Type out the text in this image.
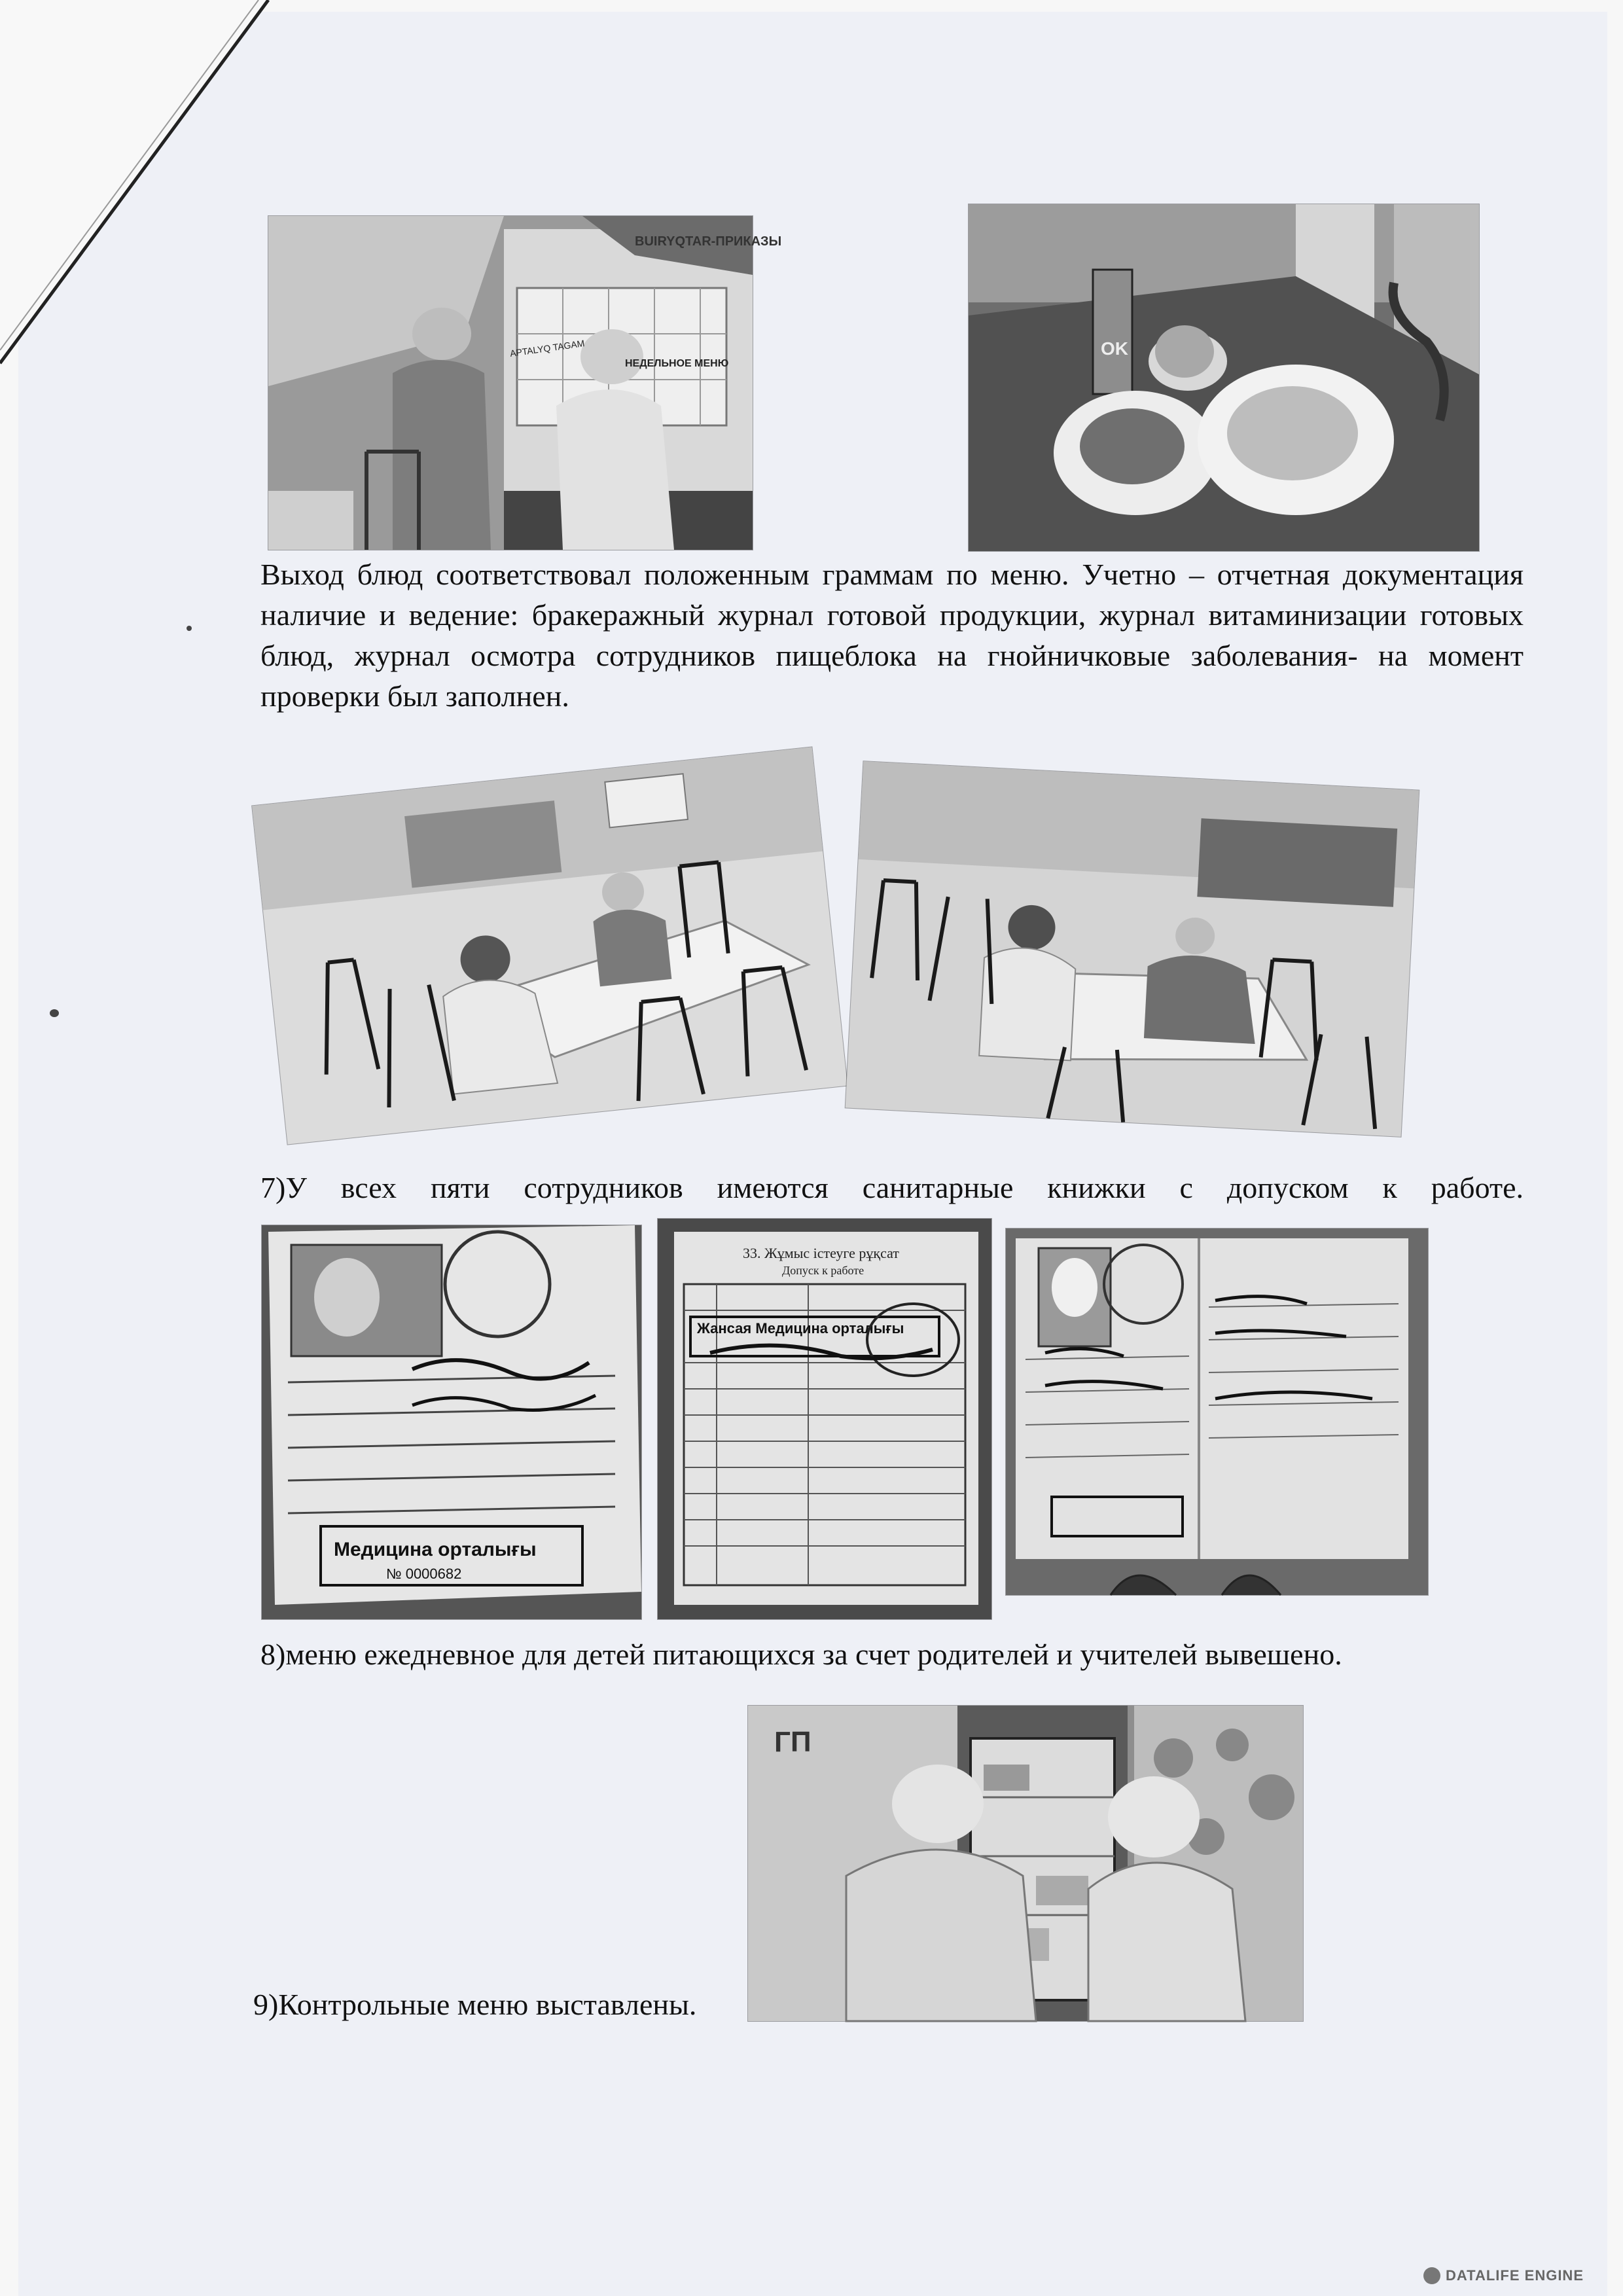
BUIRYQTAR-ПРИКАЗЫ
APTALYQ TAGAM
НЕДЕЛЬНОЕ МЕНЮ
OK

Выход блюд соответствовал положенным граммам по меню. Учетно – отчетная документация наличие и ведение: бракеражный журнал готовой продукции, журнал витаминизации готовых блюд, журнал осмотра сотрудников пищеблока на гнойничковые заболевания- на момент проверки был заполнен.

7)У всех пяти сотрудников имеются санитарные книжки с допуском к работе.

Медицина орталығы
№ 0000682
33. Жұмыс істеуге рұқсат
Допуск к работе
Жансая Медицина орталығы

8)меню ежедневное для детей питающихся за счет родителей и учителей вывешено.

ГП

9)Контрольные меню выставлены.

DATALIFE ENGINE
